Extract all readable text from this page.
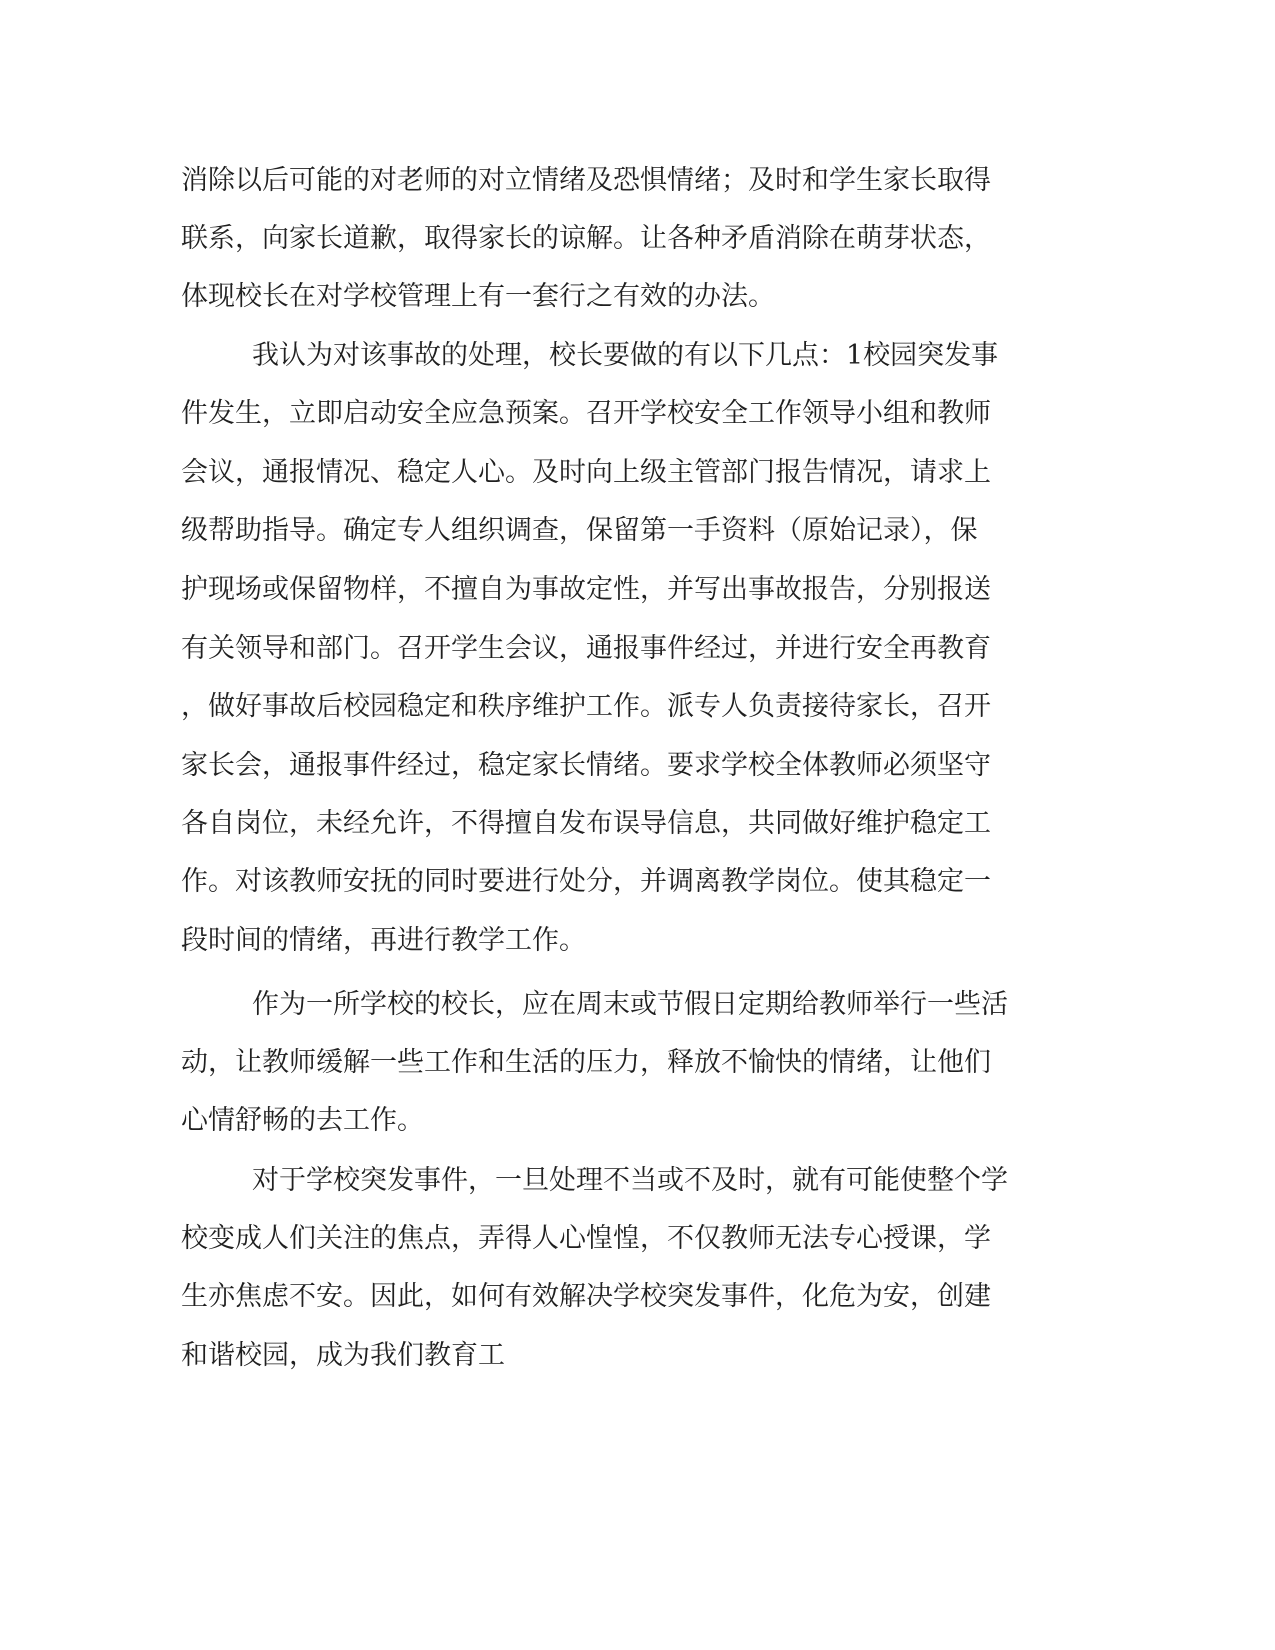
消除以后可能的对老师的对立情绪及恐惧情绪；及时和学生家长取得

联系，向家长道歉，取得家长的谅解。让各种矛盾消除在萌芽状态，

体现校长在对学校管理上有一套行之有效的办法。

我认为对该事故的处理，校长要做的有以下几点：1校园突发事

件发生，立即启动安全应急预案。召开学校安全工作领导小组和教师

会议，通报情况、稳定人心。及时向上级主管部门报告情况，请求上

级帮助指导。确定专人组织调查，保留第一手资料（原始记录），保

护现场或保留物样，不擅自为事故定性，并写出事故报告，分别报送

有关领导和部门。召开学生会议，通报事件经过，并进行安全再教育

，做好事故后校园稳定和秩序维护工作。派专人负责接待家长，召开

家长会，通报事件经过，稳定家长情绪。要求学校全体教师必须坚守

各自岗位，未经允许，不得擅自发布误导信息，共同做好维护稳定工

作。对该教师安抚的同时要进行处分，并调离教学岗位。使其稳定一

段时间的情绪，再进行教学工作。

作为一所学校的校长，应在周末或节假日定期给教师举行一些活

动，让教师缓解一些工作和生活的压力，释放不愉快的情绪，让他们

心情舒畅的去工作。

对于学校突发事件，一旦处理不当或不及时，就有可能使整个学

校变成人们关注的焦点，弄得人心惶惶，不仅教师无法专心授课，学

生亦焦虑不安。因此，如何有效解决学校突发事件，化危为安，创建

和谐校园，成为我们教育工
